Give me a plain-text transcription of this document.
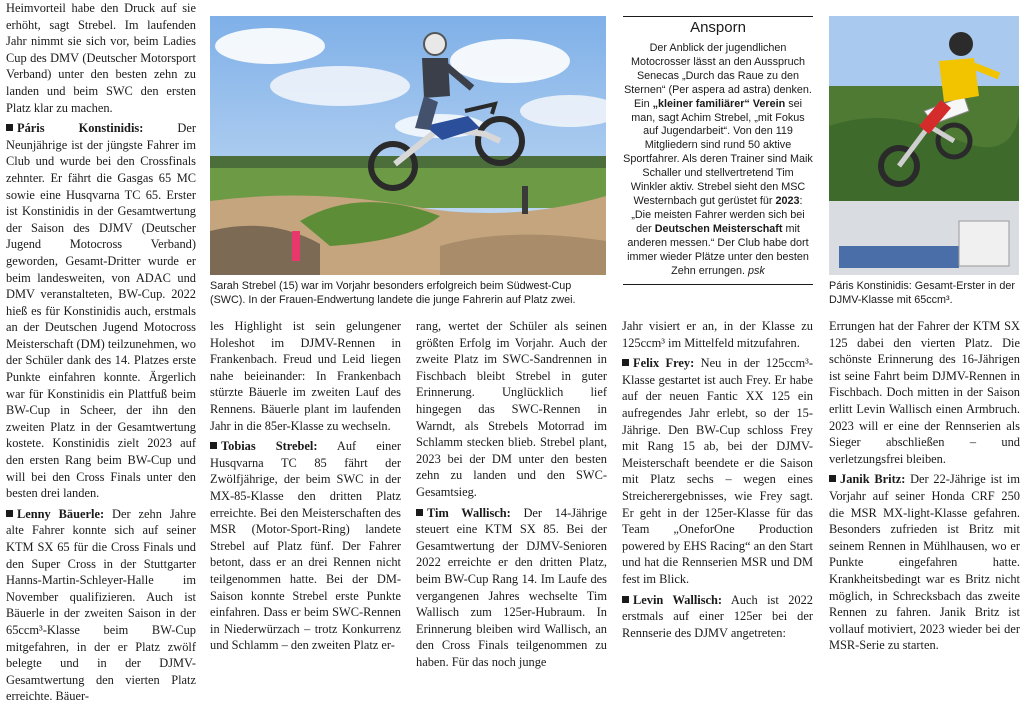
Heimvorteil habe den Druck auf sie erhöht, sagt Strebel. Im laufenden Jahr nimmt sie sich vor, beim Ladies Cup des DMV (Deutscher Motorsport Verband) unter den besten zehn zu landen und beim SWC den ersten Platz klar zu machen.

Páris Konstinidis:	Der Neunjährige ist der jüngste Fahrer im Club und wurde bei den Crossfinals zehnter. Er fährt die Gasgas 65 MC sowie eine Husqvarna TC 65. Erster ist Konstinidis in der Gesamtwertung der Saison des DJMV (Deutscher Jugend Motocross Verband) geworden, Gesamt-Dritter wurde er beim landesweiten, von ADAC und DMV veranstalteten, BW-Cup. 2022 hieß es für Konstinidis auch, erstmals an der Deutschen Jugend Motocross Meisterschaft (DM) teilzunehmen, wo der Schüler dank des 14. Platzes erste Punkte einfahren konnte. Ärgerlich war für Konstinidis ein Plattfuß beim BW-Cup in Scheer, der ihn den zweiten Platz in der Gesamtwertung kostete. Konstinidis zielt 2023 auf den ersten Rang beim BW-Cup und will bei den Cross Finals unter den besten drei landen.

Lenny Bäuerle: Der zehn Jahre alte Fahrer konnte sich auf seiner KTM SX 65 für die Cross Finals und den Super Cross in der Stuttgarter Hanns-Martin-Schleyer-Halle im November qualifizieren. Auch ist Bäuerle in der zweiten Saison in der 65ccm³-Klasse beim BW-Cup mitgefahren, in der er Platz zwölf belegte und in der DJMV-Gesamtwertung den vierten Platz erreichte. Bäuer-

Sarah Strebel (15) war im Vorjahr besonders erfolgreich beim Südwest-Cup (SWC). In der Frauen-Endwertung landete die junge Fahrerin auf Platz zwei.

les Highlight ist sein gelungener Holeshot im DJMV-Rennen in Frankenbach. Freud und Leid liegen nahe beieinander: In Frankenbach stürzte Bäuerle im zweiten Lauf des Rennens. Bäuerle plant im laufenden Jahr in die 85er-Klasse zu wechseln.

Tobias Strebel: Auf einer Husqvarna TC 85 fährt der Zwölfjährige, der beim SWC in der MX-85-Klasse den dritten Platz erreichte. Bei den Meisterschaften des MSR (Motor-Sport-Ring) landete Strebel auf Platz fünf. Der Fahrer betont, dass er an drei Rennen nicht teilgenommen hatte. Bei der DM-Saison konnte Strebel erste Punkte einfahren. Dass er beim SWC-Rennen in Niederwürzach – trotz Konkurrenz und Schlamm – den zweiten Platz er-

rang, wertet der Schüler als seinen größten Erfolg im Vorjahr. Auch der zweite Platz im SWC-Sandrennen in Fischbach bleibt Strebel in guter Erinnerung. Unglücklich lief hingegen das SWC-Rennen in Warndt, als Strebels Motorrad im Schlamm stecken blieb. Strebel plant, 2023 bei der DM unter den besten zehn zu landen und den SWC-Gesamtsieg.

Tim Wallisch: Der 14-Jährige steuert eine KTM SX 85. Bei der Gesamtwertung der DJMV-Senioren 2022 erreichte er den dritten Platz, beim BW-Cup Rang 14. Im Laufe des vergangenen Jahres wechselte Tim Wallisch zum 125er-Hubraum. In Erinnerung bleiben wird Wallisch, an den Cross Finals teilgenommen zu haben. Für das noch junge

Ansporn

Der Anblick der jugendlichen Motocrosser lässt an den Ausspruch Senecas „Durch das Raue zu den Sternen“ (Per aspera ad astra) denken.

Ein „kleiner familiärer“ Verein sei man, sagt Achim Strebel, „mit Fokus auf Jugendarbeit“. Von den 119 Mitgliedern sind rund 50 aktive Sportfahrer. Als deren Trainer sind Maik Schaller und stellvertretend Tim Winkler aktiv. Strebel sieht den MSC Westernbach gut gerüstet für 2023: „Die meisten Fahrer werden sich bei der Deutschen Meisterschaft mit anderen messen.“ Der Club habe dort immer wieder Plätze unter den besten Zehn errungen. psk

Jahr visiert er an, in der Klasse zu 125ccm³ im Mittelfeld mitzufahren.

Felix Frey: Neu in der 125ccm³-Klasse gestartet ist auch Frey. Er habe auf der neuen Fantic XX 125 ein aufregendes Jahr erlebt, so der 15-Jährige. Den BW-Cup schloss Frey mit Rang 15 ab, bei der DJMV-Meisterschaft beendete er die Saison mit Platz sechs – wegen eines Streicherergebnisses, wie Frey sagt. Er geht in der 125er-Klasse für das Team „OneforOne Production powered by EHS Racing“ an den Start und hat die Rennserien MSR und DM fest im Blick.

Levin Wallisch: Auch ist 2022 erstmals auf einer 125er bei der Rennserie des DJMV angetreten:

Páris Konstinidis: Gesamt-Erster in der DJMV-Klasse mit 65ccm³.

Errungen hat der Fahrer der KTM SX 125 dabei den vierten Platz. Die schönste Erinnerung des 16-Jährigen ist seine Fahrt beim DJMV-Rennen in Fischbach. Doch mitten in der Saison erlitt Levin Wallisch einen Armbruch. 2023 will er eine der Rennserien als Sieger abschließen – und verletzungsfrei bleiben.

Janik Britz: Der 22-Jährige ist im Vorjahr auf seiner Honda CRF 250 die MSR MX-light-Klasse gefahren. Besonders zufrieden ist Britz mit seinem Rennen in Mühlhausen, wo er Punkte eingefahren hatte. Krankheitsbedingt war es Britz nicht möglich, in Schrecksbach das zweite Rennen zu fahren. Janik Britz ist vollauf motiviert, 2023 wieder bei der MSR-Serie zu starten.
